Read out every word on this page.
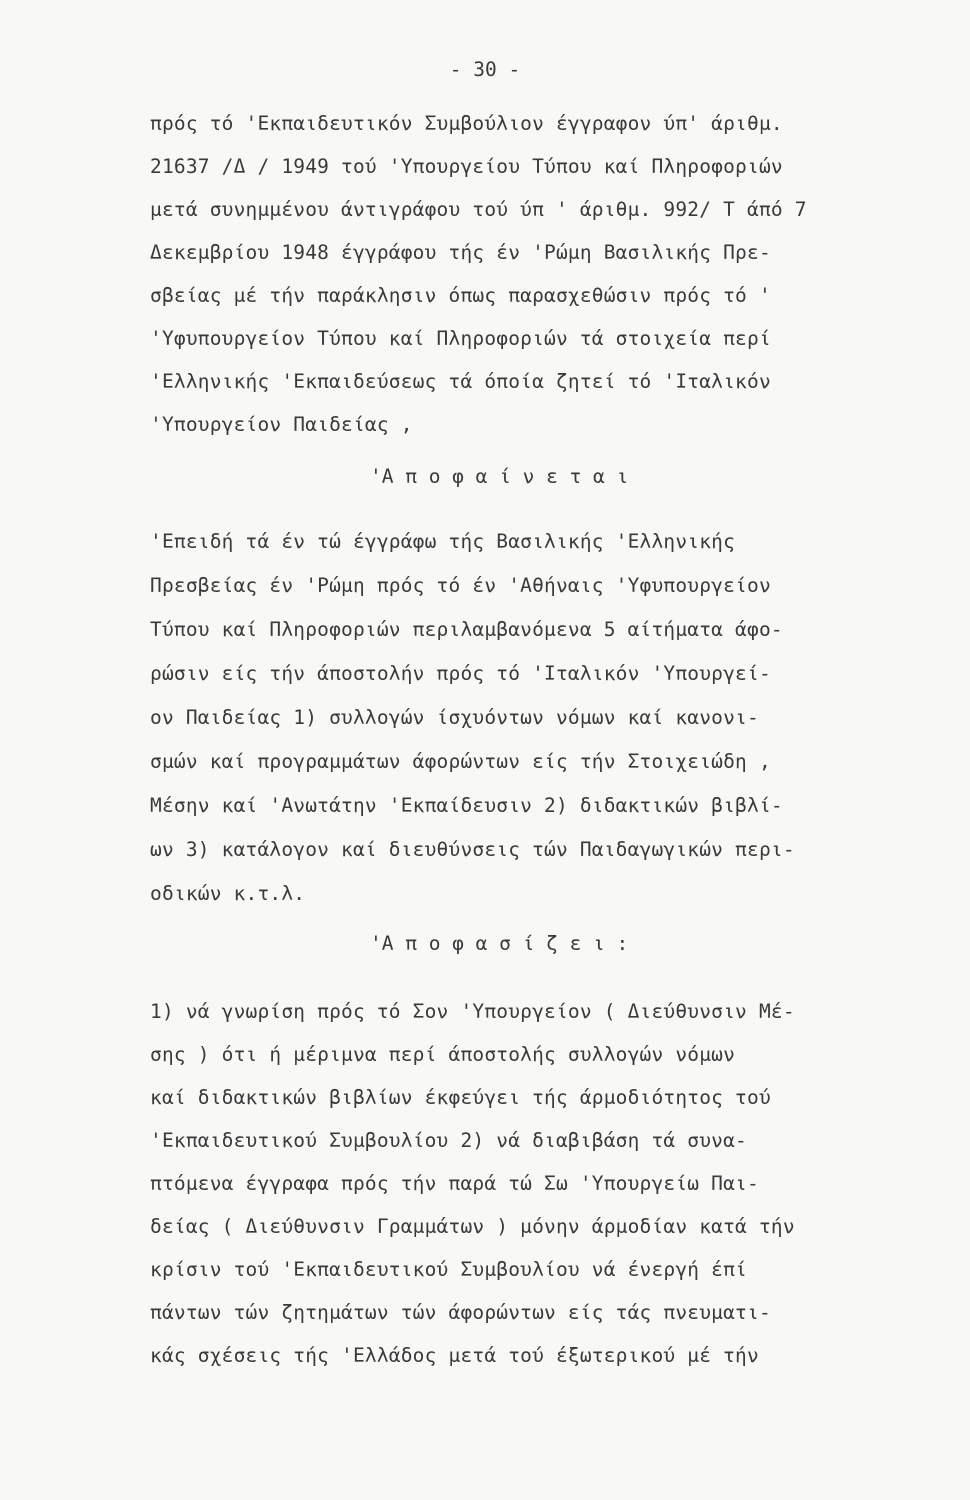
- 30 -
πρός τό 'Εκπαιδευτικόν Συμβούλιον έγγραφον ύπ' άριθμ.
21637 /Δ / 1949 τού 'Υπουργείου Τύπου καί Πληροφοριών
μετά συνημμένου άντιγράφου τού ύπ ' άριθμ. 992/ Τ άπό 7
Δεκεμβρίου 1948 έγγράφου τής έν 'Ρώμη Βασιλικής Πρε-
σβείας μέ τήν παράκλησιν όπως παρασχεθώσιν πρός τό '
'Υφυπουργείον Τύπου καί Πληροφοριών τά στοιχεία περί
'Ελληνικής 'Εκπαιδεύσεως τά όποία ζητεί τό 'Ιταλικόν
'Υπουργείον Παιδείας ,
'Α π ο φ α ί ν ε τ α ι
'Επειδή τά έν τώ έγγράφω τής Βασιλικής 'Ελληνικής
Πρεσβείας έν 'Ρώμη πρός τό έν 'Αθήναις 'Υφυπουργείον
Τύπου καί Πληροφοριών περιλαμβανόμενα 5 αίτήματα άφο-
ρώσιν είς τήν άποστολήν πρός τό 'Ιταλικόν 'Υπουργεί-
ον Παιδείας 1) συλλογών ίσχυόντων νόμων καί κανονι-
σμών καί προγραμμάτων άφορώντων είς τήν Στοιχειώδη ,
Μέσην καί 'Ανωτάτην 'Εκπαίδευσιν 2) διδακτικών βιβλί-
ων 3) κατάλογον καί διευθύνσεις τών Παιδαγωγικών περι-
οδικών κ.τ.λ.
'Α π ο φ α σ ί ζ ε ι :
1) νά γνωρίση πρός τό Σον 'Υπουργείον ( Διεύθυνσιν Μέ-
σης ) ότι ή μέριμνα περί άποστολής συλλογών νόμων
καί διδακτικών βιβλίων έκφεύγει τής άρμοδιότητος τού
'Εκπαιδευτικού Συμβουλίου 2) νά διαβιβάση τά συνα-
πτόμενα έγγραφα πρός τήν παρά τώ Σω 'Υπουργείω Παι-
δείας ( Διεύθυνσιν Γραμμάτων ) μόνην άρμοδίαν κατά τήν
κρίσιν τού 'Εκπαιδευτικού Συμβουλίου νά ένεργή έπί
πάντων τών ζητημάτων τών άφορώντων είς τάς πνευματι-
κάς σχέσεις τής 'Ελλάδος μετά τού έξωτερικού μέ τήν
